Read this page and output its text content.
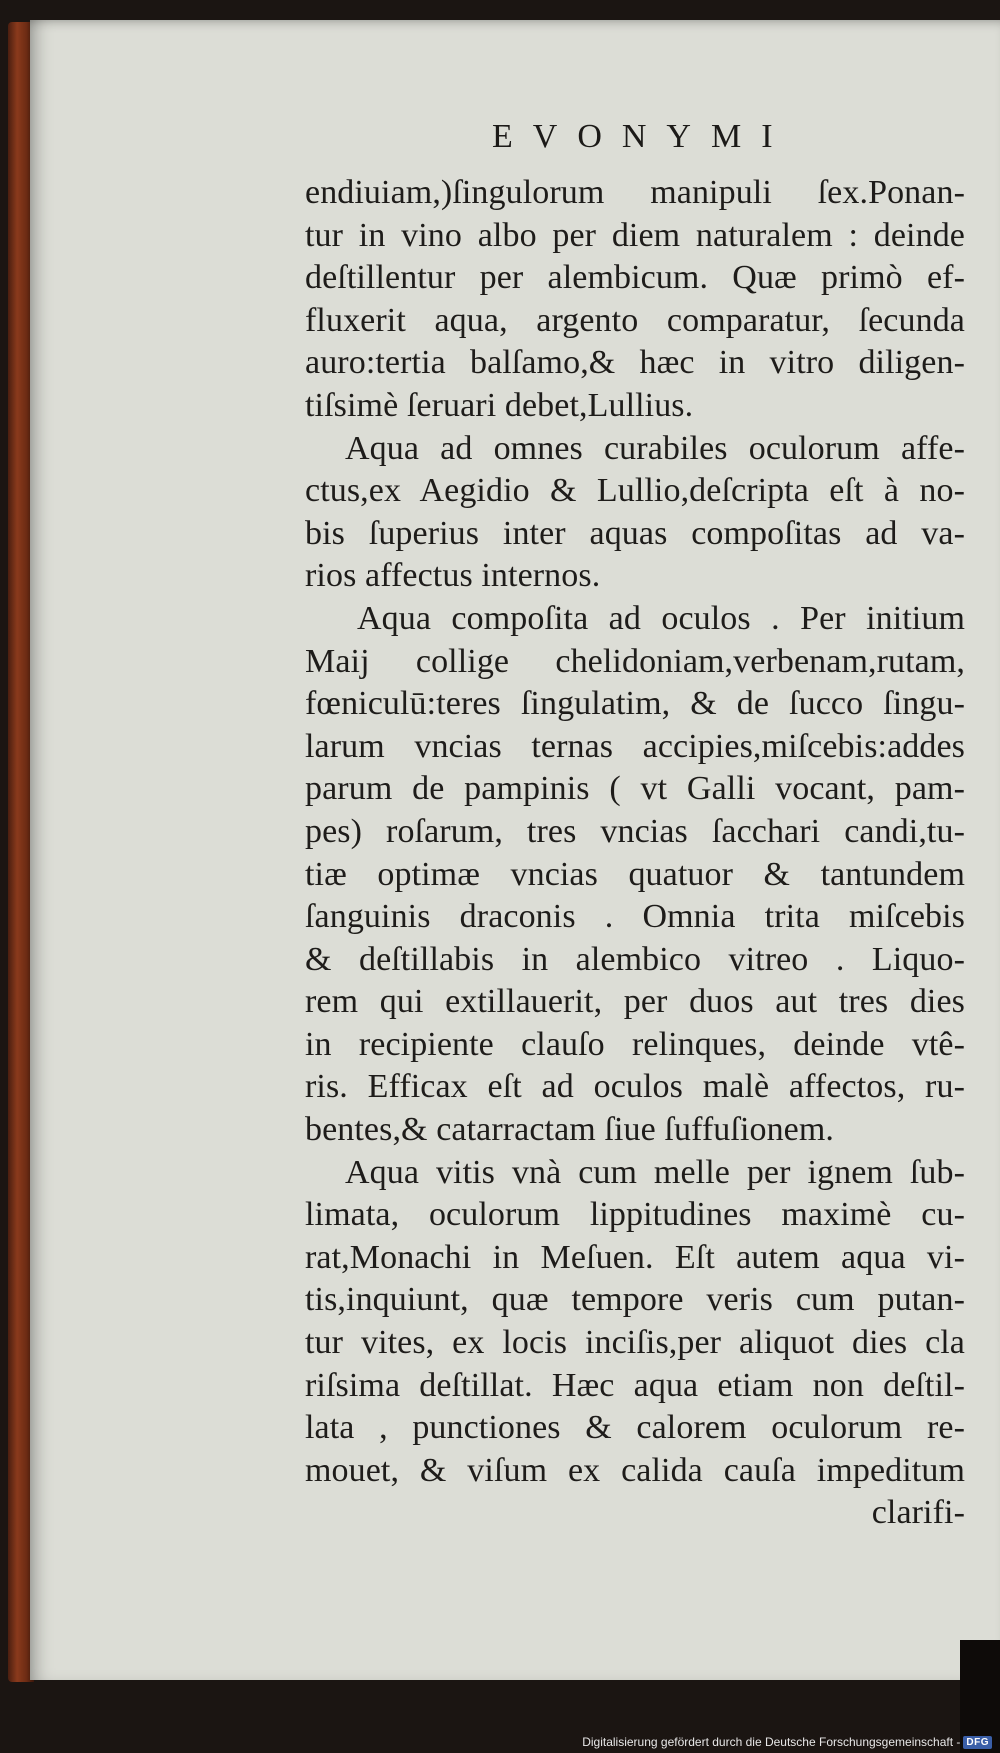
EVONYMI
endiuiam,)ſingulorum manipuli ſex.Ponan-
tur in vino albo per diem naturalem : deinde
deſtillentur per alembicum. Quæ primò ef-
fluxerit aqua, argento comparatur, ſecunda
auro:tertia balſamo,& hæc in vitro diligen-
tiſsimè ſeruari debet,Lullius.
Aqua ad omnes curabiles oculorum affe-
ctus,ex Aegidio & Lullio,deſcripta eſt à no-
bis ſuperius inter aquas compoſitas ad va-
rios affectus internos.
Aqua compoſita ad oculos . Per initium
Maij collige chelidoniam,verbenam,rutam,
fœniculū:teres ſingulatim, & de ſucco ſingu-
larum vncias ternas accipies,miſcebis:addes
parum de pampinis ( vt Galli vocant, pam-
pes) roſarum, tres vncias ſacchari candi,tu-
tiæ optimæ vncias quatuor & tantundem
ſanguinis draconis . Omnia trita miſcebis
& deſtillabis in alembico vitreo . Liquo-
rem qui extillauerit, per duos aut tres dies
in recipiente clauſo relinques, deinde vtê-
ris. Efficax eſt ad oculos malè affectos, ru-
bentes,& catarractam ſiue ſuffuſionem.
Aqua vitis vnà cum melle per ignem ſub-
limata, oculorum lippitudines maximè cu-
rat,Monachi in Meſuen. Eſt autem aqua vi-
tis,inquiunt, quæ tempore veris cum putan-
tur vites, ex locis inciſis,per aliquot dies cla
riſsima deſtillat. Hæc aqua etiam non deſtil-
lata , punctiones & calorem oculorum re-
mouet, & viſum ex calida cauſa impeditum
clarifi-
Digitalisierung gefördert durch die Deutsche Forschungsgemeinschaft - DFG
